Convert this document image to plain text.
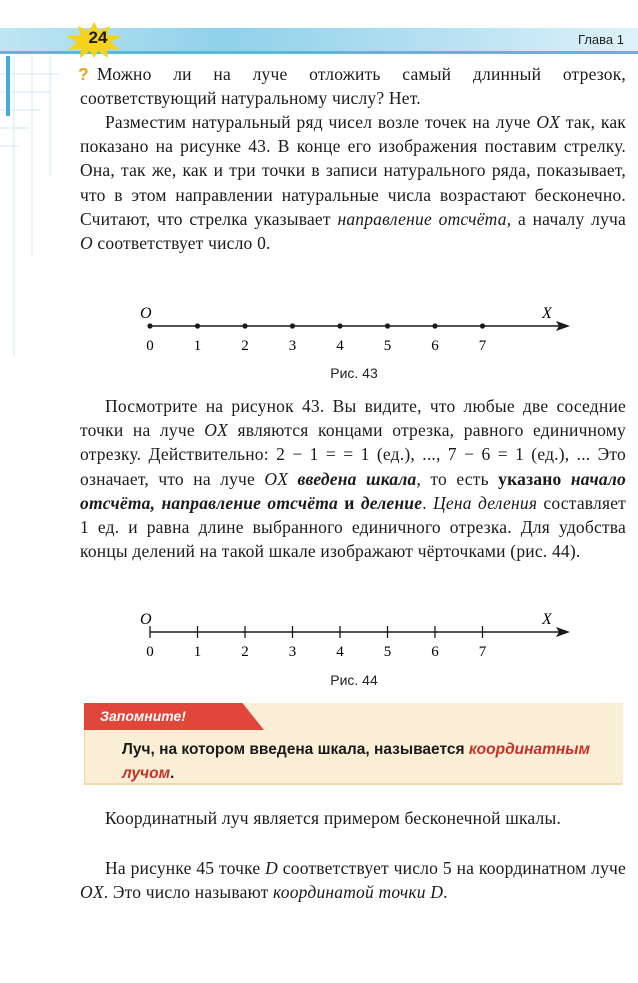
24	Глава 1

? Можно ли на луче отложить самый длинный отрезок, соответствующий натуральному числу? Нет.

Разместим натуральный ряд чисел возле точек на луче OX так, как показано на рисунке 43. В конце его изображения поставим стрелку. Она, так же, как и три точки в записи натурального ряда, показывает, что в этом направлении натуральные числа возрастают бесконечно. Считают, что стрелка указывает направление отсчёта, а началу луча O соответствует число 0.

O	X
0	1	2	3	4	5	6	7
Рис. 43

Посмотрите на рисунок 43. Вы видите, что любые две соседние точки на луче OX являются концами отрезка, равного единичному отрезку. Действительно: 2 − 1 = = 1 (ед.), ..., 7 − 6 = 1 (ед.), ... Это означает, что на луче OX введена шкала, то есть указано начало отсчёта, направление отсчёта и деление. Цена деления составляет 1 ед. и равна длине выбранного единичного отрезка. Для удобства концы делений на такой шкале изображают чёрточками (рис. 44).

O	X
0	1	2	3	4	5	6	7
Рис. 44
Запомните!
Луч, на котором введена шкала, называется координатным лучом.

Координатный луч является примером бесконечной шкалы.

На рисунке 45 точке D соответствует число 5 на координатном луче OX. Это число называют координатой точки D.
